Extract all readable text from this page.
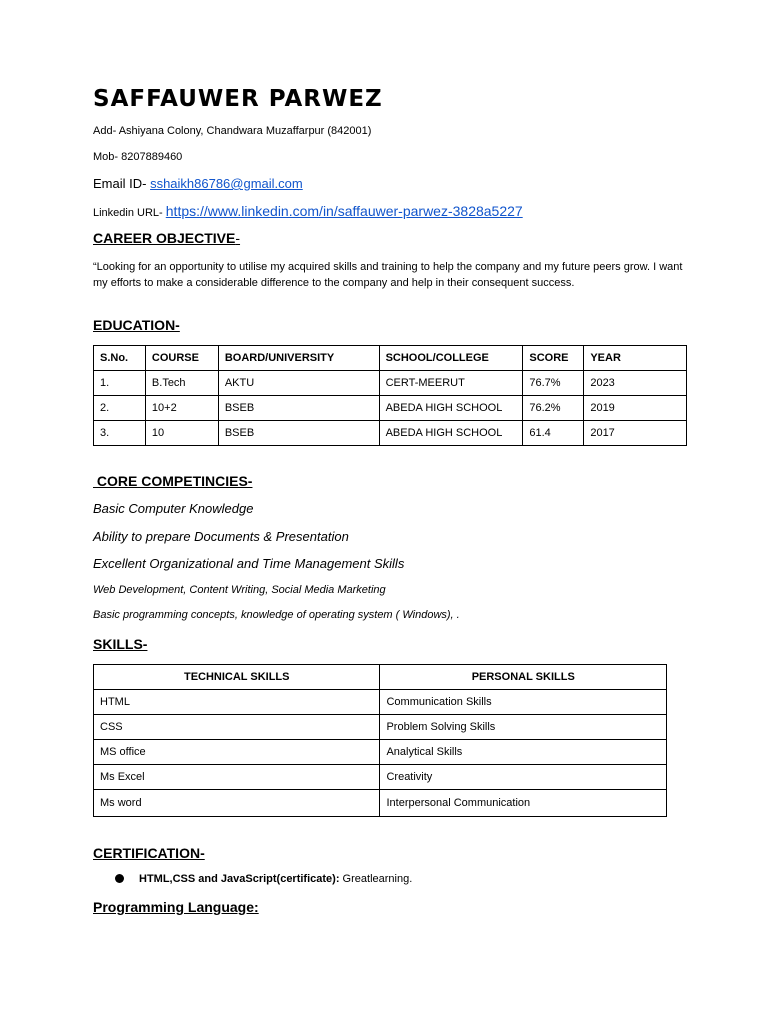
SAFFAUWER PARWEZ
Add- Ashiyana Colony, Chandwara Muzaffarpur (842001)
Mob- 8207889460
Email ID- sshaikh86786@gmail.com
Linkedin URL- https://www.linkedin.com/in/saffauwer-parwez-3828a5227
CAREER OBJECTIVE-
“Looking for an opportunity to utilise my acquired skills and training to help the company and my future peers grow. I want my efforts to make a considerable difference to the company and help in their consequent success.
EDUCATION-
S.No.	COURSE	BOARD/UNIVERSITY	SCHOOL/COLLEGE	SCORE	YEAR
1.	B.Tech	AKTU	CERT-MEERUT	76.7%	2023
2.	10+2	BSEB	ABEDA HIGH SCHOOL	76.2%	2019
3.	10	BSEB	ABEDA HIGH SCHOOL	61.4	2017
CORE COMPETINCIES-
Basic Computer Knowledge
Ability to prepare Documents & Presentation
Excellent Organizational and Time Management Skills
Web Development, Content Writing, Social Media Marketing
Basic programming concepts, knowledge of operating system ( Windows), .
SKILLS-
TECHNICAL SKILLS	PERSONAL SKILLS
HTML	Communication Skills
CSS	Problem Solving Skills
MS office	Analytical Skills
Ms Excel	Creativity
Ms word	Interpersonal Communication
CERTIFICATION-
HTML,CSS and JavaScript(certificate): Greatlearning.
Programming Language:
